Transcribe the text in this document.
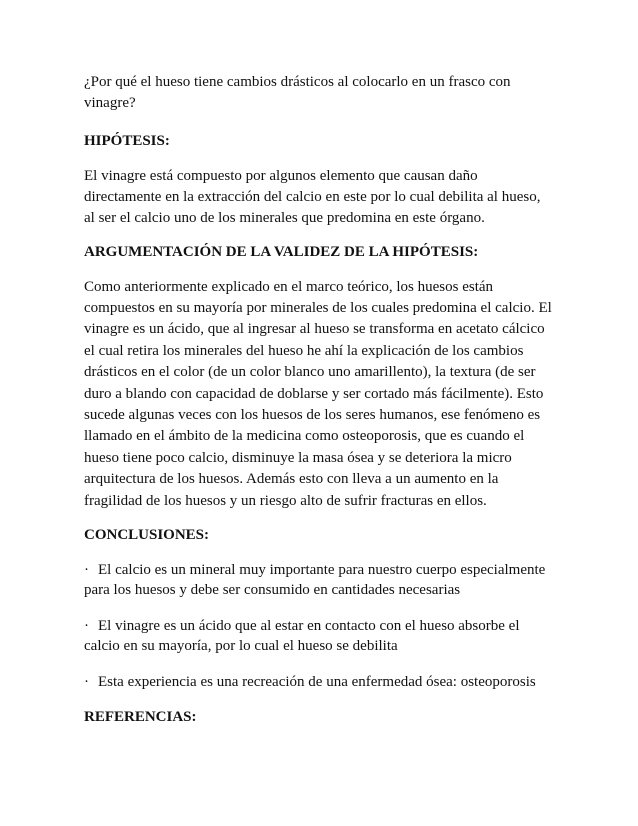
¿Por qué el hueso tiene cambios drásticos al colocarlo en un frasco con vinagre?

HIPÓTESIS:

El vinagre está compuesto por algunos elemento que causan daño directamente en la extracción del calcio en este por lo cual debilita al hueso, al ser el calcio uno de los minerales que predomina en este órgano.

ARGUMENTACIÓN DE LA VALIDEZ DE LA HIPÓTESIS:

Como anteriormente explicado en el marco teórico, los huesos están compuestos en su mayoría por minerales de los cuales predomina el calcio. El vinagre es un ácido, que al ingresar al hueso se transforma en acetato cálcico el cual retira los minerales del hueso he ahí la explicación de los cambios drásticos en el color (de un color blanco uno amarillento), la textura (de ser duro a blando con capacidad de doblarse y ser cortado más fácilmente). Esto sucede algunas veces con los huesos de los seres humanos, ese fenómeno es llamado en el ámbito de la medicina como osteoporosis, que es cuando el hueso tiene poco calcio, disminuye la masa ósea y se deteriora la micro arquitectura de los huesos. Además esto con lleva a un aumento en la fragilidad de los huesos y un riesgo alto de sufrir fracturas en ellos.

CONCLUSIONES:

· El calcio es un mineral muy importante para nuestro cuerpo especialmente para los huesos y debe ser consumido en cantidades necesarias

· El vinagre es un ácido que al estar en contacto con el hueso absorbe el calcio en su mayoría, por lo cual el hueso se debilita

· Esta experiencia es una recreación de una enfermedad ósea: osteoporosis

REFERENCIAS:
